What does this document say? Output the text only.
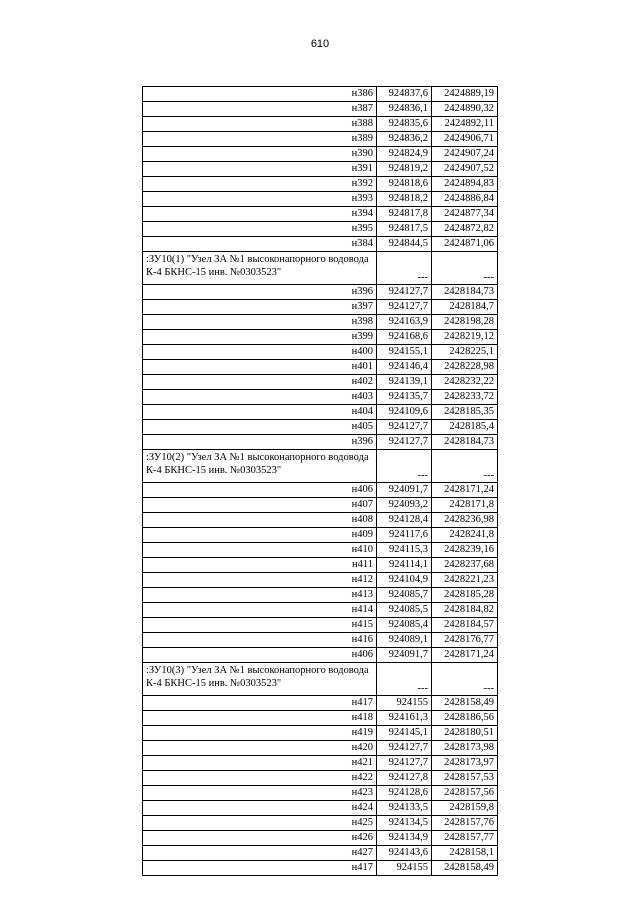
610
н386	924837,6	2424889,19
н387	924836,1	2424890,32
н388	924835,6	2424892,11
н389	924836,2	2424906,71
н390	924824,9	2424907,24
н391	924819,2	2424907,52
н392	924818,6	2424894,83
н393	924818,2	2424886,84
н394	924817,8	2424877,34
н395	924817,5	2424872,82
н384	924844,5	2424871,06
:ЗУ10(1) "Узел ЗА №1 высоконапорного водовода К-4 БКНС-15 инв. №0303523"	---	---
н396	924127,7	2428184,73
н397	924127,7	2428184,7
н398	924163,9	2428198,28
н399	924168,6	2428219,12
н400	924155,1	2428225,1
н401	924146,4	2428228,98
н402	924139,1	2428232,22
н403	924135,7	2428233,72
н404	924109,6	2428185,35
н405	924127,7	2428185,4
н396	924127,7	2428184,73
:ЗУ10(2) "Узел ЗА №1 высоконапорного водовода К-4 БКНС-15 инв. №0303523"	---	---
н406	924091,7	2428171,24
н407	924093,2	2428171,8
н408	924128,4	2428236,98
н409	924117,6	2428241,8
н410	924115,3	2428239,16
н411	924114,1	2428237,68
н412	924104,9	2428221,23
н413	924085,7	2428185,28
н414	924085,5	2428184,82
н415	924085,4	2428184,57
н416	924089,1	2428176,77
н406	924091,7	2428171,24
:ЗУ10(3) "Узел ЗА №1 высоконапорного водовода К-4 БКНС-15 инв. №0303523"	---	---
н417	924155	2428158,49
н418	924161,3	2428186,56
н419	924145,1	2428180,51
н420	924127,7	2428173,98
н421	924127,7	2428173,97
н422	924127,8	2428157,53
н423	924128,6	2428157,56
н424	924133,5	2428159,8
н425	924134,5	2428157,76
н426	924134,9	2428157,77
н427	924143,6	2428158,1
н417	924155	2428158,49
